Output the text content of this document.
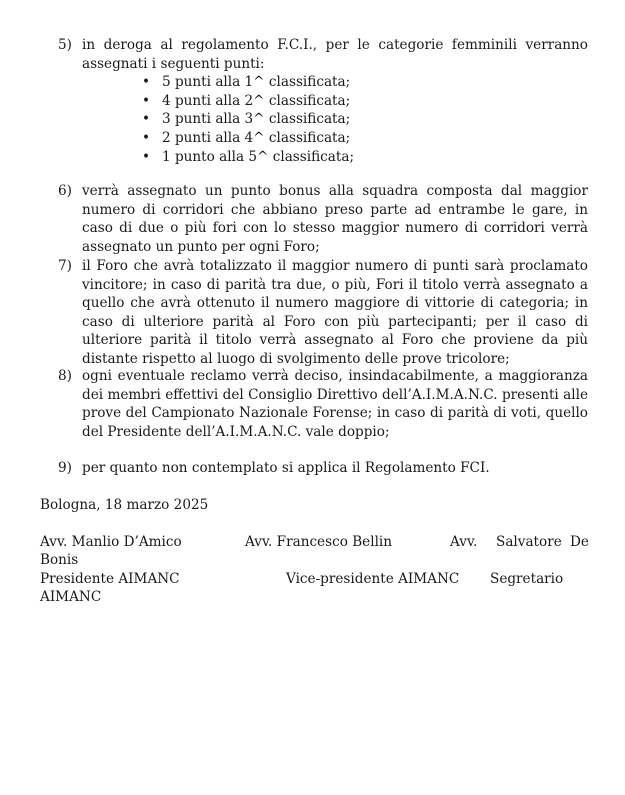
5) in deroga al regolamento F.C.I., per le categorie femminili verranno assegnati i seguenti punti:
• 5 punti alla 1^ classificata;
• 4 punti alla 2^ classificata;
• 3 punti alla 3^ classificata;
• 2 punti alla 4^ classificata;
• 1 punto alla 5^ classificata;
6) verrà assegnato un punto bonus alla squadra composta dal maggior numero di corridori che abbiano preso parte ad entrambe le gare, in caso di due o più fori con lo stesso maggior numero di corridori verrà assegnato un punto per ogni Foro;
7) il Foro che avrà totalizzato il maggior numero di punti sarà proclamato vincitore; in caso di parità tra due, o più, Fori il titolo verrà assegnato a quello che avrà ottenuto il numero maggiore di vittorie di categoria; in caso di ulteriore parità al Foro con più partecipanti; per il caso di ulteriore parità il titolo verrà assegnato al Foro che proviene da più distante rispetto al luogo di svolgimento delle prove tricolore;
8) ogni eventuale reclamo verrà deciso, insindacabilmente, a maggioranza dei membri effettivi del Consiglio Direttivo dell’A.I.M.A.N.C. presenti alle prove del Campionato Nazionale Forense; in caso di parità di voti, quello del Presidente dell’A.I.M.A.N.C. vale doppio;
9) per quanto non contemplato si applica il Regolamento FCI.
Bologna, 18 marzo 2025
Avv. Manlio D’Amico	Avv. Francesco Bellin	Avv. Salvatore De
Bonis
Presidente AIMANC	Vice-presidente AIMANC Segretario
AIMANC
